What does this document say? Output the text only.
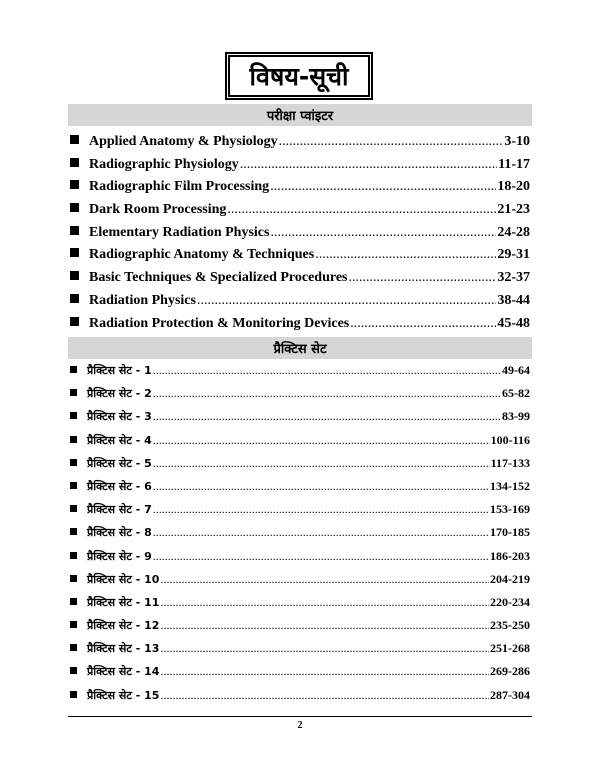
विषय-सूची
परीक्षा प्वांइटर
Applied Anatomy & Physiology .....	3-10
Radiographic Physiology .....	11-17
Radiographic Film Processing .....	18-20
Dark Room Processing .....	21-23
Elementary Radiation Physics .....	24-28
Radiographic Anatomy & Techniques .....	29-31
Basic Techniques & Specialized Procedures .....	32-37
Radiation Physics .....	38-44
Radiation Protection & Monitoring Devices .....	45-48
प्रैक्टिस सेट
प्रैक्टिस सेट - 1 .....	49-64
प्रैक्टिस सेट - 2 .....	65-82
प्रैक्टिस सेट - 3 .....	83-99
प्रैक्टिस सेट - 4 .....	100-116
प्रैक्टिस सेट - 5 .....	117-133
प्रैक्टिस सेट - 6 .....	134-152
प्रैक्टिस सेट - 7 .....	153-169
प्रैक्टिस सेट - 8 .....	170-185
प्रैक्टिस सेट - 9 .....	186-203
प्रैक्टिस सेट - 10 .....	204-219
प्रैक्टिस सेट - 11 .....	220-234
प्रैक्टिस सेट - 12 .....	235-250
प्रैक्टिस सेट - 13 .....	251-268
प्रैक्टिस सेट - 14 .....	269-286
प्रैक्टिस सेट - 15 .....	287-304
2
